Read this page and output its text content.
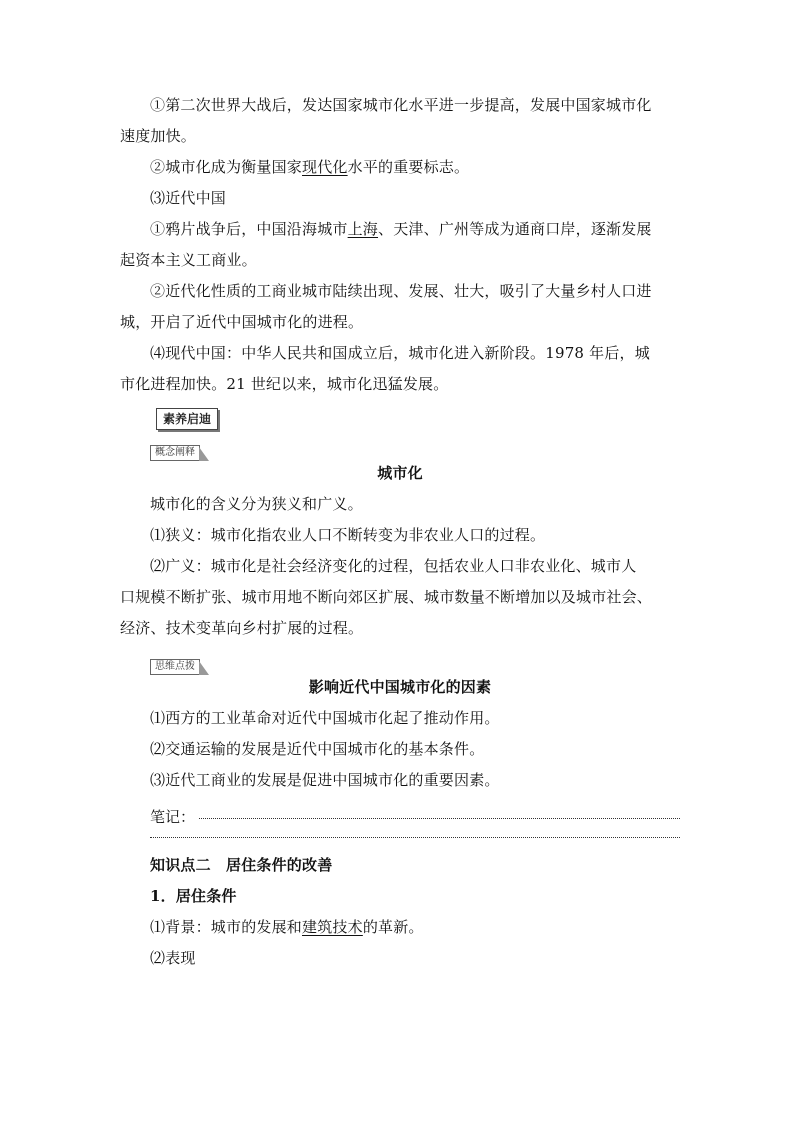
①第二次世界大战后，发达国家城市化水平进一步提高，发展中国家城市化

速度加快。

②城市化成为衡量国家现代化水平的重要标志。

⑶近代中国

①鸦片战争后，中国沿海城市上海、天津、广州等成为通商口岸，逐渐发展

起资本主义工商业。

②近代化性质的工商业城市陆续出现、发展、壮大，吸引了大量乡村人口进

城，开启了近代中国城市化的进程。

⑷现代中国：中华人民共和国成立后，城市化进入新阶段。1978 年后，城

市化进程加快。21 世纪以来，城市化迅猛发展。

素养启迪
概念阐释

城市化

城市化的含义分为狭义和广义。

⑴狭义：城市化指农业人口不断转变为非农业人口的过程。

⑵广义：城市化是社会经济变化的过程，包括农业人口非农业化、城市人

口规模不断扩张、城市用地不断向郊区扩展、城市数量不断增加以及城市社会、

经济、技术变革向乡村扩展的过程。

思维点拨

影响近代中国城市化的因素

⑴西方的工业革命对近代中国城市化起了推动作用。

⑵交通运输的发展是近代中国城市化的基本条件。

⑶近代工商业的发展是促进中国城市化的重要因素。

笔记：

知识点二　居住条件的改善

1．居住条件

⑴背景：城市的发展和建筑技术的革新。

⑵表现
